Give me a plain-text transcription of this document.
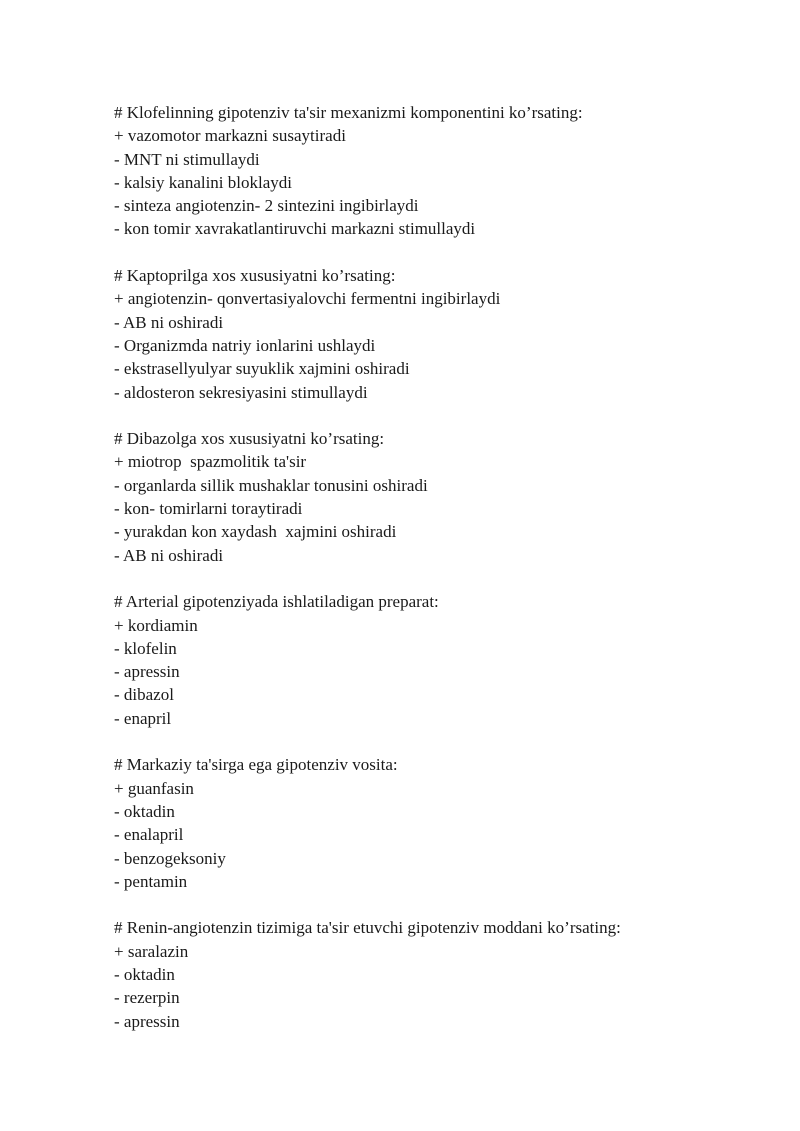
# Klofelinning gipotenziv ta'sir mexanizmi komponentini ko’rsating:
+ vazomotor markazni susaytiradi
- MNT ni stimullaydi
- kalsiy kanalini bloklaydi
- sinteza angiotenzin- 2 sintezini ingibirlaydi
- kon tomir xavrakatlantiruvchi markazni stimullaydi
# Kaptoprilga xos xususiyatni ko’rsating:
+ angiotenzin- qonvertasiyalovchi fermentni ingibirlaydi
- AB ni oshiradi
- Organizmda natriy ionlarini ushlaydi
- ekstrasellyulyar suyuklik xajmini oshiradi
- aldosteron sekresiyasini stimullaydi
# Dibazolga xos xususiyatni ko’rsating:
+ miotrop  spazmolitik ta'sir
- organlarda sillik mushaklar tonusini oshiradi
- kon- tomirlarni toraytiradi
- yurakdan kon xaydash  xajmini oshiradi
- AB ni oshiradi
# Arterial gipotenziyada ishlatiladigan preparat:
+ kordiamin
- klofelin
- apressin
- dibazol
- enapril
# Markaziy ta'sirga ega gipotenziv vosita:
+ guanfasin
- oktadin
- enalapril
- benzogeksoniy
- pentamin
# Renin-angiotenzin tizimiga ta'sir etuvchi gipotenziv moddani ko’rsating:
+ saralazin
- oktadin
- rezerpin
- apressin
